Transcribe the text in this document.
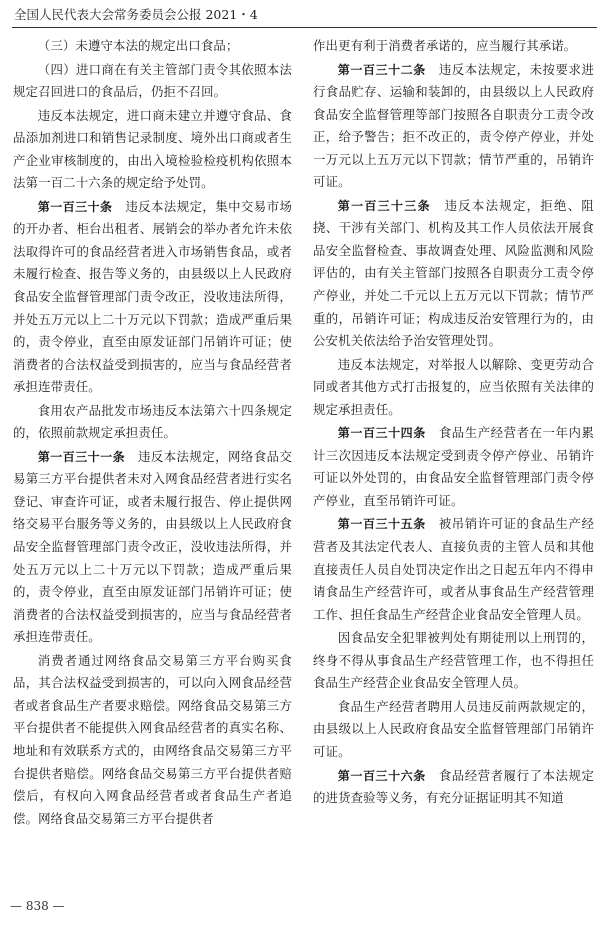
全国人民代表大会常务委员会公报 2021・4

（三）未遵守本法的规定出口食品；

（四）进口商在有关主管部门责令其依照本法规定召回进口的食品后，仍拒不召回。

违反本法规定，进口商未建立并遵守食品、食品添加剂进口和销售记录制度、境外出口商或者生产企业审核制度的，由出入境检验检疫机构依照本法第一百二十六条的规定给予处罚。

第一百三十条　 违反本法规定，集中交易市场的开办者、柜台出租者、展销会的举办者允许未依法取得许可的食品经营者进入市场销售食品，或者未履行检查、报告等义务的，由县级以上人民政府食品安全监督管理部门责令改正，没收违法所得，并处五万元以上二十万元以下罚款；造成严重后果的，责令停业，直至由原发证部门吊销许可证；使消费者的合法权益受到损害的，应当与食品经营者承担连带责任。

食用农产品批发市场违反本法第六十四条规定的，依照前款规定承担责任。

第一百三十一条　 违反本法规定，网络食品交易第三方平台提供者未对入网食品经营者进行实名登记、审查许可证，或者未履行报告、停止提供网络交易平台服务等义务的，由县级以上人民政府食品安全监督管理部门责令改正，没收违法所得，并处五万元以上二十万元以下罚款；造成严重后果的，责令停业，直至由原发证部门吊销许可证；使消费者的合法权益受到损害的，应当与食品经营者承担连带责任。

消费者通过网络食品交易第三方平台购买食品，其合法权益受到损害的，可以向入网食品经营者或者食品生产者要求赔偿。网络食品交易第三方平台提供者不能提供入网食品经营者的真实名称、地址和有效联系方式的，由网络食品交易第三方平台提供者赔偿。网络食品交易第三方平台提供者赔偿后，有权向入网食品经营者或者食品生产者追偿。网络食品交易第三方平台提供者

作出更有利于消费者承诺的，应当履行其承诺。

第一百三十二条　 违反本法规定，未按要求进行食品贮存、运输和装卸的，由县级以上人民政府食品安全监督管理等部门按照各自职责分工责令改正，给予警告；拒不改正的，责令停产停业，并处一万元以上五万元以下罚款；情节严重的，吊销许可证。

第一百三十三条　 违反本法规定，拒绝、阻挠、干涉有关部门、机构及其工作人员依法开展食品安全监督检查、事故调查处理、风险监测和风险评估的，由有关主管部门按照各自职责分工责令停产停业，并处二千元以上五万元以下罚款；情节严重的，吊销许可证；构成违反治安管理行为的，由公安机关依法给予治安管理处罚。

违反本法规定，对举报人以解除、变更劳动合同或者其他方式打击报复的，应当依照有关法律的规定承担责任。

第一百三十四条　 食品生产经营者在一年内累计三次因违反本法规定受到责令停产停业、吊销许可证以外处罚的，由食品安全监督管理部门责令停产停业，直至吊销许可证。

第一百三十五条　 被吊销许可证的食品生产经营者及其法定代表人、直接负责的主管人员和其他直接责任人员自处罚决定作出之日起五年内不得申请食品生产经营许可，或者从事食品生产经营管理工作、担任食品生产经营企业食品安全管理人员。

因食品安全犯罪被判处有期徒刑以上刑罚的，终身不得从事食品生产经营管理工作，也不得担任食品生产经营企业食品安全管理人员。

食品生产经营者聘用人员违反前两款规定的，由县级以上人民政府食品安全监督管理部门吊销许可证。

第一百三十六条　 食品经营者履行了本法规定的进货查验等义务，有充分证据证明其不知道

— 838 —
